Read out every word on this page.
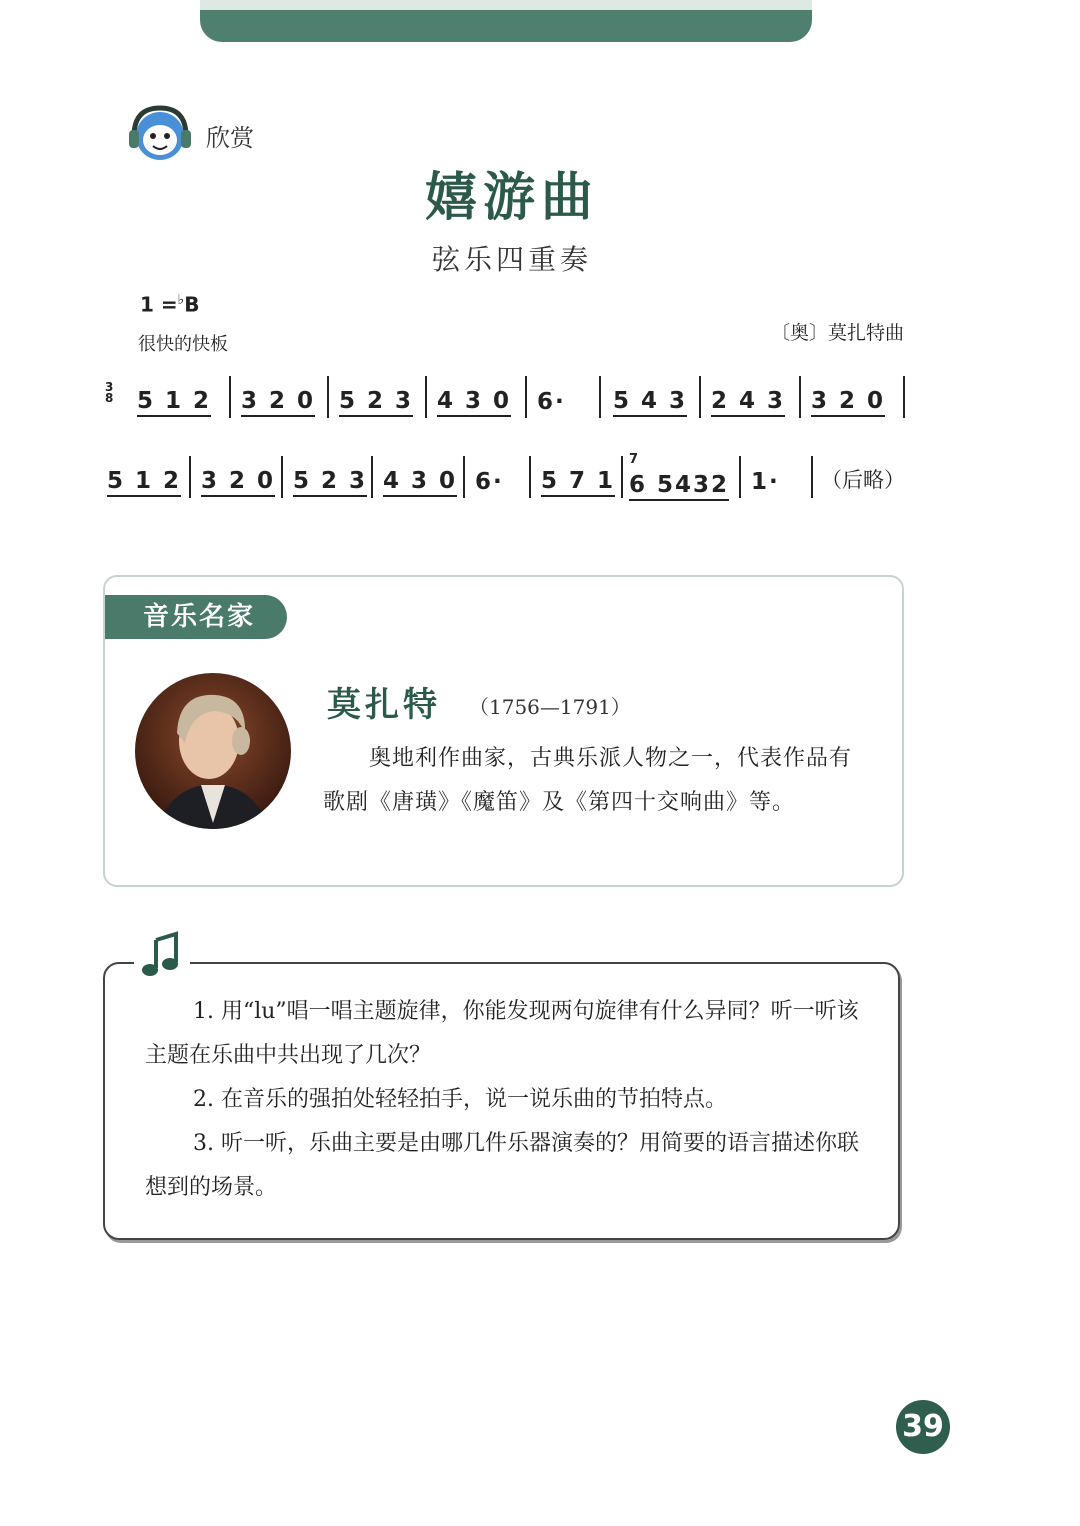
欣赏
嬉游曲
弦乐四重奏
1 =♭B
很快的快板
〔奥〕莫扎特曲
3
8 5 1 2 3 2 0 5 2 3 4 3 0 6· 5 4 3 2 4 3 3 2 0
5 1 2 3 2 0 5 2 3 4 3 0 6· 5 7 1
7
6 5432 1· （后略）
音乐名家
莫扎特 （1756—1791）
奥地利作曲家，古典乐派人物之一，代表作品有歌剧《唐璜》《魔笛》及《第四十交响曲》等。

1. 用“lu”唱一唱主题旋律，你能发现两句旋律有什么异同？听一听该主题在乐曲中共出现了几次？

2. 在音乐的强拍处轻轻拍手，说一说乐曲的节拍特点。

3. 听一听，乐曲主要是由哪几件乐器演奏的？用简要的语言描述你联想到的场景。

39
